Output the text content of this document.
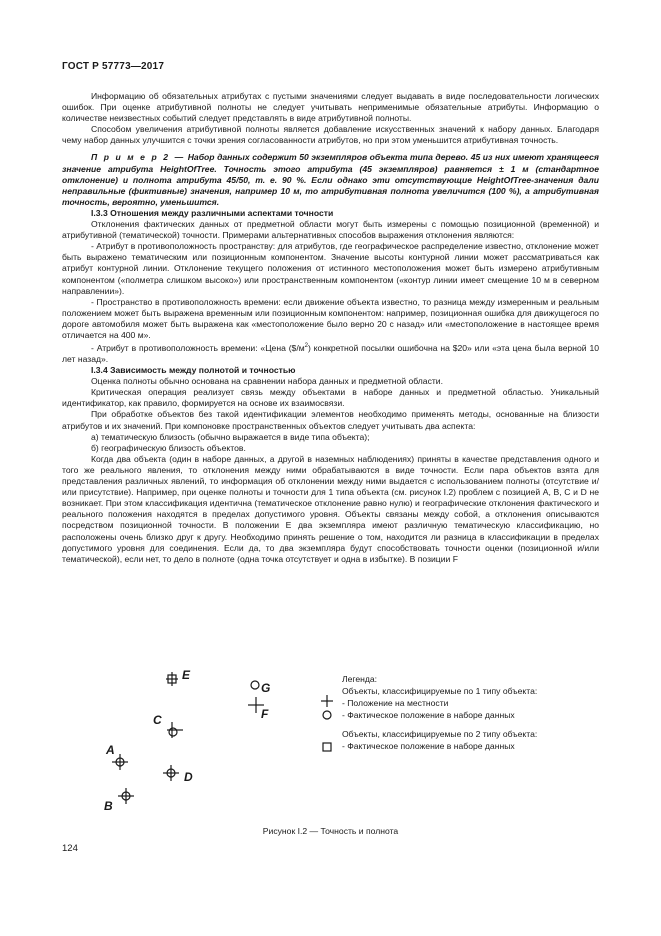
ГОСТ Р 57773—2017

Информацию об обязательных атрибутах с пустыми значениями следует выдавать в виде последовательности логических ошибок. При оценке атрибутивной полноты не следует учитывать неприменимые обязательные атрибуты. Информацию о количестве неизвестных событий следует представлять в виде атрибутивной полноты.

Способом увеличения атрибутивной полноты является добавление искусственных значений к набору данных. Благодаря чему набор данных улучшится с точки зрения согласованности атрибутов, но при этом уменьшится атрибутивная точность.

П р и м е р 2 — Набор данных содержит 50 экземпляров объекта типа дерево. 45 из них имеют хранящееся значение атрибута HeightOfTree. Точность этого атрибута (45 экземпляров) равняется ± 1 м (стандартное отклонение) и полнота атрибута 45/50, т. е. 90 %. Если однако эти отсутствующие HeightOfTree-значения дали неправильные (фиктивные) значения, например 10 м, то атрибутивная полнота увеличится (100 %), а атрибутивная точность, вероятно, уменьшится.

I.3.3 Отношения между различными аспектами точности

Отклонения фактических данных от предметной области могут быть измерены с помощью позиционной (временной) и атрибутивной (тематической) точности. Примерами альтернативных способов выражения отклонения являются:

- Атрибут в противоположность пространству: для атрибутов, где географическое распределение известно, отклонение может быть выражено тематическим или позиционным компонентом. Значение высоты контурной линии может рассматриваться как атрибут контурной линии. Отклонение текущего положения от истинного местоположения может быть измерено атрибутивным компонентом («полметра слишком высоко») или пространственным компонентом («контур линии имеет смещение 10 м в северном направлении»).

- Пространство в противоположность времени: если движение объекта известно, то разница между измеренным и реальным положением может быть выражена временным или позиционным компонентом: например, позиционная ошибка для движущегося по дороге автомобиля может быть выражена как «местоположение было верно 20 с назад» или «местоположение в настоящее время отличается на 400 м».

- Атрибут в противоположность времени: «Цена $(\$/м^2)$ конкретной посылки ошибочна на $20» или «эта цена была верной 10 лет назад».

I.3.4 Зависимость между полнотой и точностью

Оценка полноты обычно основана на сравнении набора данных и предметной области.

Критическая операция реализует связь между объектами в наборе данных и предметной областью. Уникальный идентификатор, как правило, формируется на основе их взаимосвязи.

При обработке объектов без такой идентификации элементов необходимо применять методы, основанные на близости атрибутов и их значений. При компоновке пространственных объектов следует учитывать два аспекта:

а) тематическую близость (обычно выражается в виде типа объекта);

б) географическую близость объектов.

Когда два объекта (один в наборе данных, а другой в наземных наблюдениях) приняты в качестве представления одного и того же реального явления, то отклонения между ними обрабатываются в виде точности. Если пара объектов взята для представления различных явлений, то информация об отклонении между ними выдается с использованием полноты (отсутствие и/или присутствие). Например, при оценке полноты и точности для 1 типа объекта (см. рисунок I.2) проблем с позицией A, B, C и D не возникает. При этом классификация идентична (тематическое отклонение равно нулю) и географические отклонения фактического и реального положения находятся в пределах допустимого уровня. Объекты связаны между собой, а отклонения описываются посредством позиционной точности. В положении E два экземпляра имеют различную тематическую классификацию, но расположены очень близко друг к другу. Необходимо принять решение о том, находится ли разница в классификации в пределах допустимого уровня для соединения. Если да, то два экземпляра будут способствовать точности оценки (позиционной и/или тематической), если нет, то дело в полноте (одна точка отсутствует и одна в избытке). В позиции F

E
G
F
C
A
D
B
Легенда:
Объекты, классифицируемые по 1 типу объекта:
- Положение на местности
- Фактическое положение в наборе данных
Объекты, классифицируемые по 2 типу объекта:
- Фактическое положение в наборе данных
Рисунок I.2 — Точность и полнота
124
